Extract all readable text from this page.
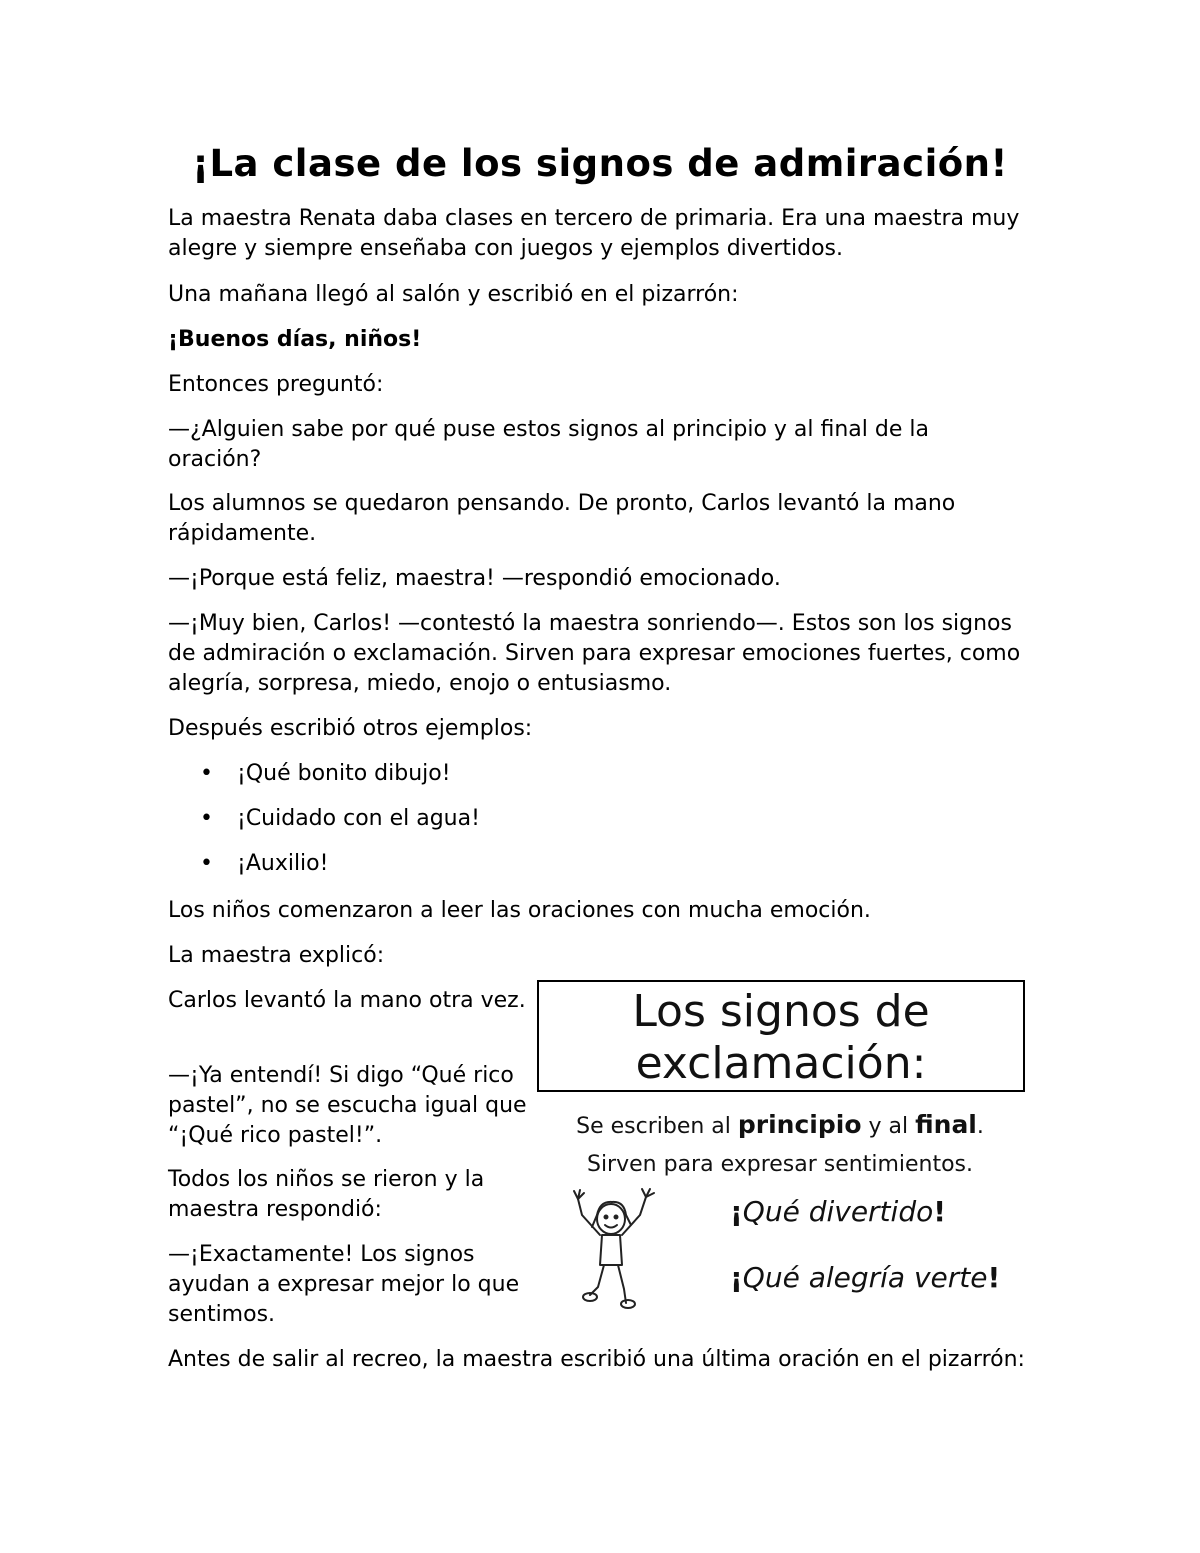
¡La clase de los signos de admiración!

La maestra Renata daba clases en tercero de primaria. Era una maestra muy alegre y siempre enseñaba con juegos y ejemplos divertidos.

Una mañana llegó al salón y escribió en el pizarrón:

¡Buenos días, niños!

Entonces preguntó:

—¿Alguien sabe por qué puse estos signos al principio y al final de la oración?

Los alumnos se quedaron pensando. De pronto, Carlos levantó la mano rápidamente.

—¡Porque está feliz, maestra! —respondió emocionado.

—¡Muy bien, Carlos! —contestó la maestra sonriendo—. Estos son los signos de admiración o exclamación. Sirven para expresar emociones fuertes, como alegría, sorpresa, miedo, enojo o entusiasmo.

Después escribió otros ejemplos:

• ¡Qué bonito dibujo!
• ¡Cuidado con el agua!
• ¡Auxilio!

Los niños comenzaron a leer las oraciones con mucha emoción.

La maestra explicó:

Carlos levantó la mano otra vez.

—¡Ya entendí! Si digo “Qué rico pastel”, no se escucha igual que “¡Qué rico pastel!”.

Todos los niños se rieron y la maestra respondió:

—¡Exactamente! Los signos ayudan a expresar mejor lo que sentimos.

Antes de salir al recreo, la maestra escribió una última oración en el pizarrón:

Los signos de exclamación:
Se escriben al principio y al final.
Sirven para expresar sentimientos.
¡Qué divertido!
¡Qué alegría verte!
